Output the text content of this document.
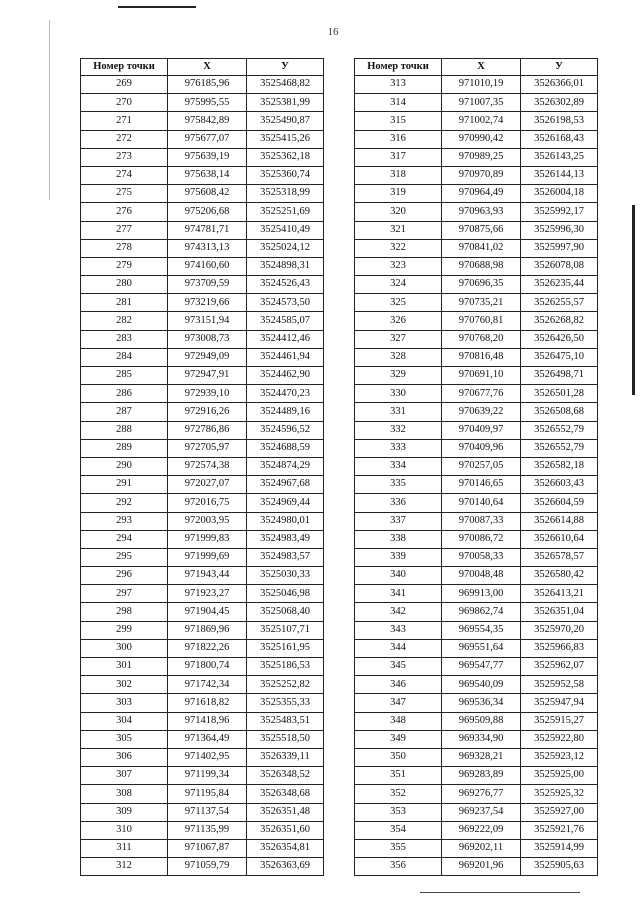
16
Номер точки	X	У
269	976185,96	3525468,82
270	975995,55	3525381,99
271	975842,89	3525490,87
272	975677,07	3525415,26
273	975639,19	3525362,18
274	975638,14	3525360,74
275	975608,42	3525318,99
276	975206,68	3525251,69
277	974781,71	3525410,49
278	974313,13	3525024,12
279	974160,60	3524898,31
280	973709,59	3524526,43
281	973219,66	3524573,50
282	973151,94	3524585,07
283	973008,73	3524412,46
284	972949,09	3524461,94
285	972947,91	3524462,90
286	972939,10	3524470,23
287	972916,26	3524489,16
288	972786,86	3524596,52
289	972705,97	3524688,59
290	972574,38	3524874,29
291	972027,07	3524967,68
292	972016,75	3524969,44
293	972003,95	3524980,01
294	971999,83	3524983,49
295	971999,69	3524983,57
296	971943,44	3525030,33
297	971923,27	3525046,98
298	971904,45	3525068,40
299	971869,96	3525107,71
300	971822,26	3525161,95
301	971800,74	3525186,53
302	971742,34	3525252,82
303	971618,82	3525355,33
304	971418,96	3525483,51
305	971364,49	3525518,50
306	971402,95	3526339,11
307	971199,34	3526348,52
308	971195,84	3526348,68
309	971137,54	3526351,48
310	971135,99	3526351,60
311	971067,87	3526354,81
312	971059,79	3526363,69
Номер точки	X	У
313	971010,19	3526366,01
314	971007,35	3526302,89
315	971002,74	3526198,53
316	970990,42	3526168,43
317	970989,25	3526143,25
318	970970,89	3526144,13
319	970964,49	3526004,18
320	970963,93	3525992,17
321	970875,66	3525996,30
322	970841,02	3525997,90
323	970688,98	3526078,08
324	970696,35	3526235,44
325	970735,21	3526255,57
326	970760,81	3526268,82
327	970768,20	3526426,50
328	970816,48	3526475,10
329	970691,10	3526498,71
330	970677,76	3526501,28
331	970639,22	3526508,68
332	970409,97	3526552,79
333	970409,96	3526552,79
334	970257,05	3526582,18
335	970146,65	3526603,43
336	970140,64	3526604,59
337	970087,33	3526614,88
338	970086,72	3526610,64
339	970058,33	3526578,57
340	970048,48	3526580,42
341	969913,00	3526413,21
342	969862,74	3526351,04
343	969554,35	3525970,20
344	969551,64	3525966,83
345	969547,77	3525962,07
346	969540,09	3525952,58
347	969536,34	3525947,94
348	969509,88	3525915,27
349	969334,90	3525922,80
350	969328,21	3525923,12
351	969283,89	3525925,00
352	969276,77	3525925,32
353	969237,54	3525927,00
354	969222,09	3525921,76
355	969202,11	3525914,99
356	969201,96	3525905,63
